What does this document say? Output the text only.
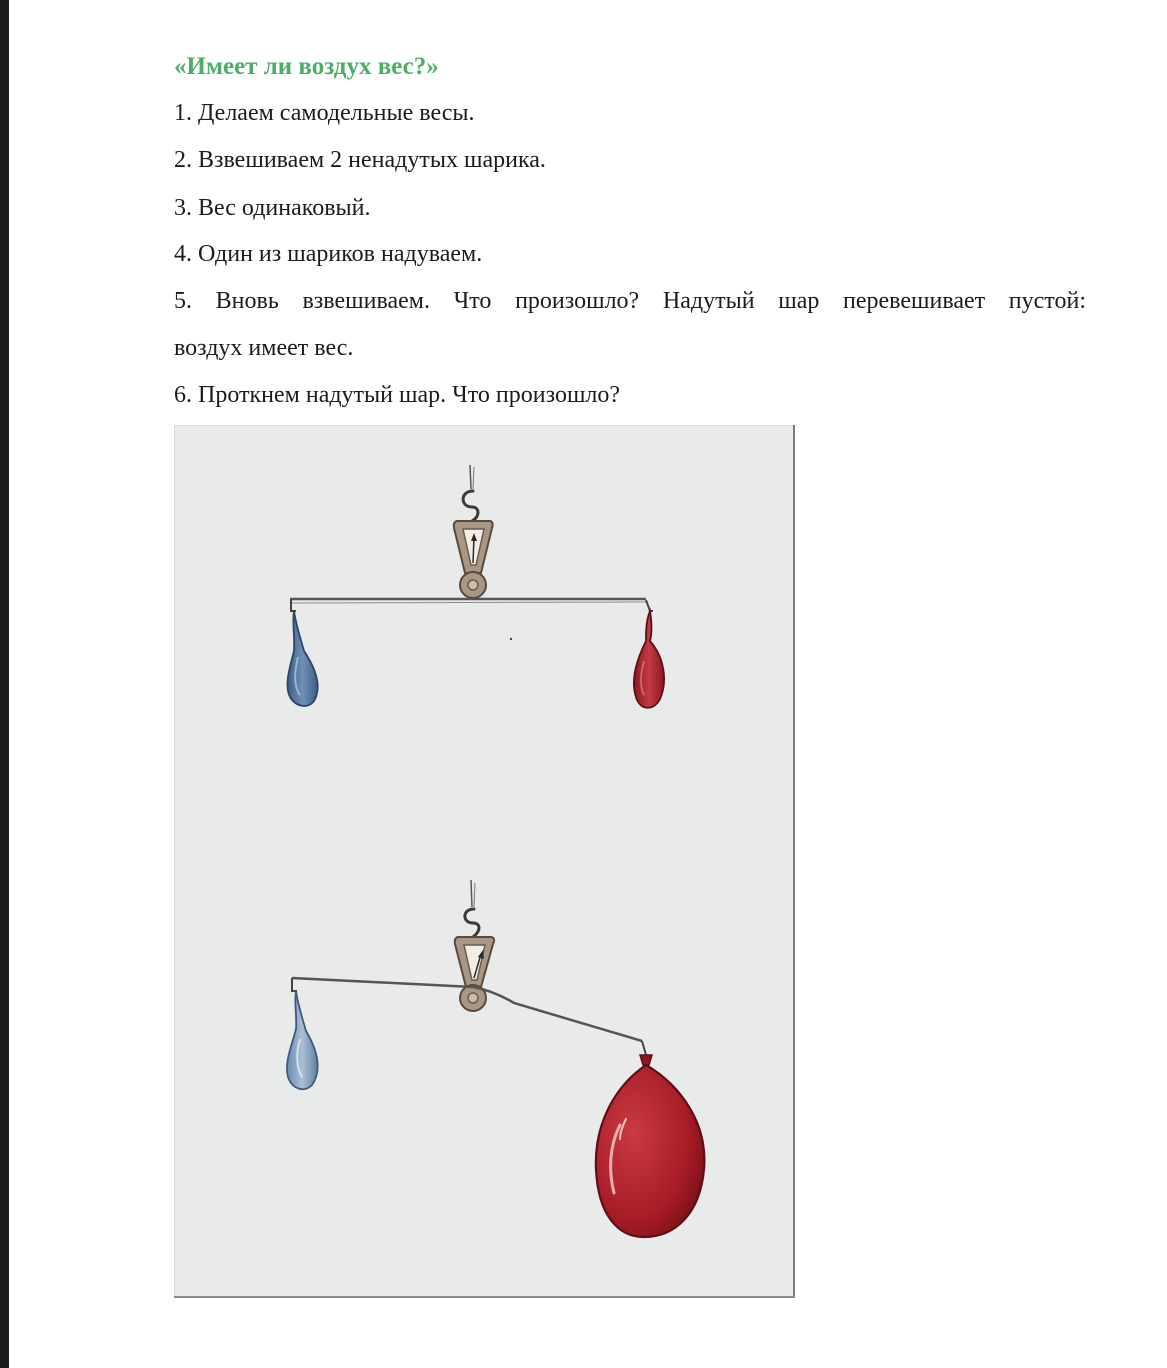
«Имеет ли воздух вес?»

1. Делаем самодельные весы.

2. Взвешиваем 2 ненадутых шарика.

3. Вес одинаковый.

4. Один из шариков надуваем.

5. Вновь взвешиваем. Что произошло? Надутый шар перевешивает пустой:

воздух имеет вес.

6. Проткнем надутый шар. Что произошло?
